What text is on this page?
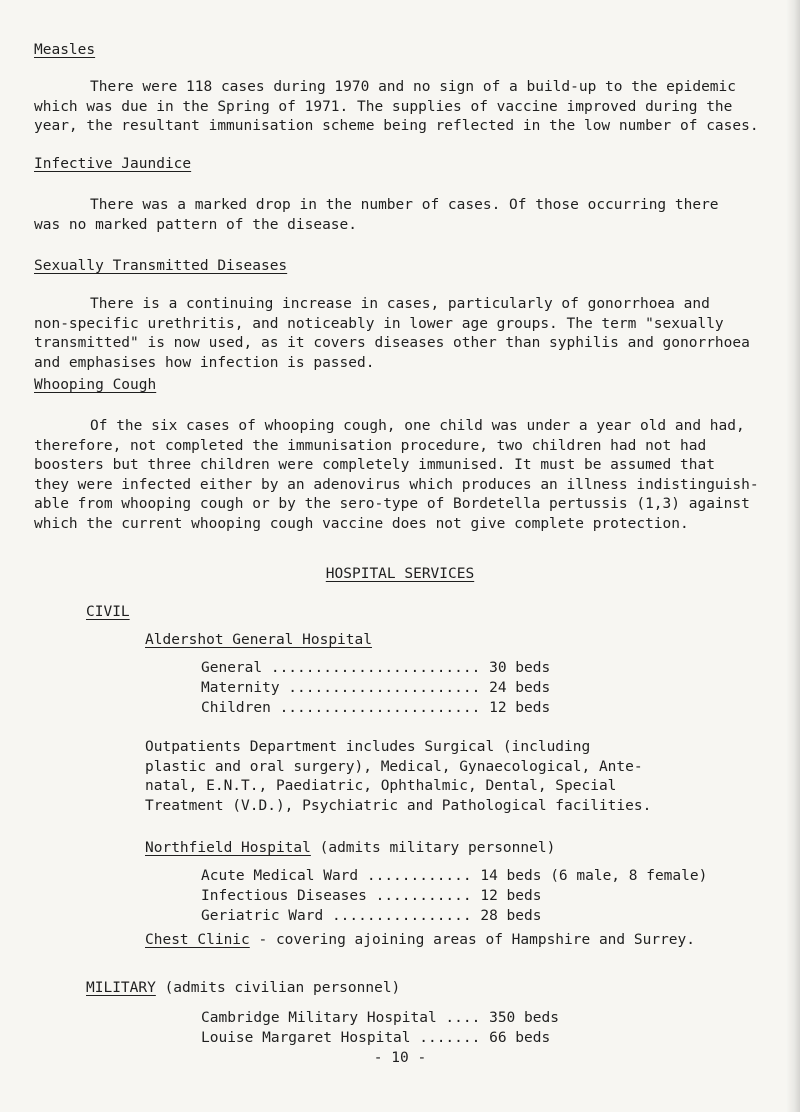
Measles
There were 118 cases during 1970 and no sign of a build-up to the epidemic
which was due in the Spring of 1971. The supplies of vaccine improved during the
year, the resultant immunisation scheme being reflected in the low number of cases.
Infective Jaundice
There was a marked drop in the number of cases. Of those occurring there
was no marked pattern of the disease.
Sexually Transmitted Diseases
There is a continuing increase in cases, particularly of gonorrhoea and
non-specific urethritis, and noticeably in lower age groups. The term "sexually
transmitted" is now used, as it covers diseases other than syphilis and gonorrhoea
and emphasises how infection is passed.
Whooping Cough
Of the six cases of whooping cough, one child was under a year old and had,
therefore, not completed the immunisation procedure, two children had not had
boosters but three children were completely immunised. It must be assumed that
they were infected either by an adenovirus which produces an illness indistinguish-
able from whooping cough or by the sero-type of Bordetella pertussis (1,3) against
which the current whooping cough vaccine does not give complete protection.
HOSPITAL SERVICES
CIVIL
Aldershot General Hospital
General ........................ 30 beds
Maternity ...................... 24 beds
Children ....................... 12 beds
Outpatients Department includes Surgical (including
plastic and oral surgery), Medical, Gynaecological, Ante-
natal, E.N.T., Paediatric, Ophthalmic, Dental, Special
Treatment (V.D.), Psychiatric and Pathological facilities.
Northfield Hospital (admits military personnel)
Acute Medical Ward ............ 14 beds (6 male, 8 female)
Infectious Diseases ........... 12 beds
Geriatric Ward ................ 28 beds
Chest Clinic - covering ajoining areas of Hampshire and Surrey.
MILITARY (admits civilian personnel)
Cambridge Military Hospital .... 350 beds
Louise Margaret Hospital ....... 66 beds
- 10 -
